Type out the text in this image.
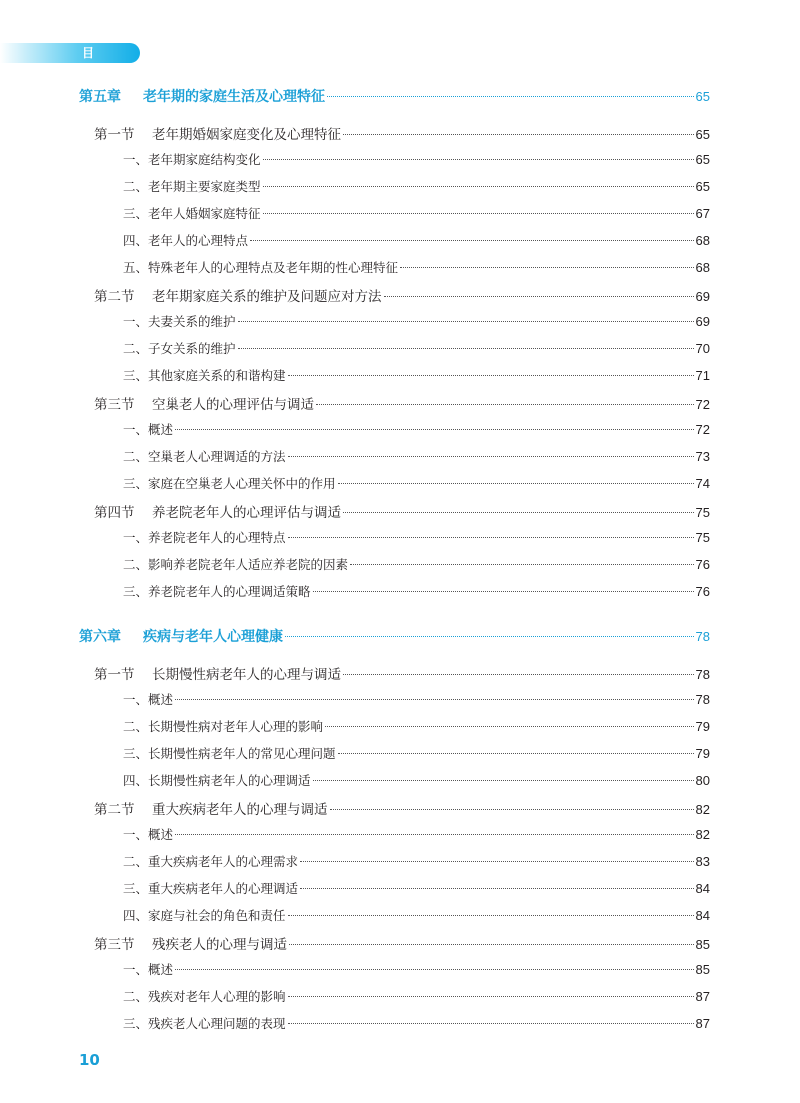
目 录
第五章 老年期的家庭生活及心理特征	65
第一节 老年期婚姻家庭变化及心理特征	65
一、老年期家庭结构变化	65
二、老年期主要家庭类型	65
三、老年人婚姻家庭特征	67
四、老年人的心理特点	68
五、特殊老年人的心理特点及老年期的性心理特征	68
第二节 老年期家庭关系的维护及问题应对方法	69
一、夫妻关系的维护	69
二、子女关系的维护	70
三、其他家庭关系的和谐构建	71
第三节 空巢老人的心理评估与调适	72
一、概述	72
二、空巢老人心理调适的方法	73
三、家庭在空巢老人心理关怀中的作用	74
第四节 养老院老年人的心理评估与调适	75
一、养老院老年人的心理特点	75
二、影响养老院老年人适应养老院的因素	76
三、养老院老年人的心理调适策略	76
第六章 疾病与老年人心理健康	78
第一节 长期慢性病老年人的心理与调适	78
一、概述	78
二、长期慢性病对老年人心理的影响	79
三、长期慢性病老年人的常见心理问题	79
四、长期慢性病老年人的心理调适	80
第二节 重大疾病老年人的心理与调适	82
一、概述	82
二、重大疾病老年人的心理需求	83
三、重大疾病老年人的心理调适	84
四、家庭与社会的角色和责任	84
第三节 残疾老人的心理与调适	85
一、概述	85
二、残疾对老年人心理的影响	87
三、残疾老人心理问题的表现	87
10
